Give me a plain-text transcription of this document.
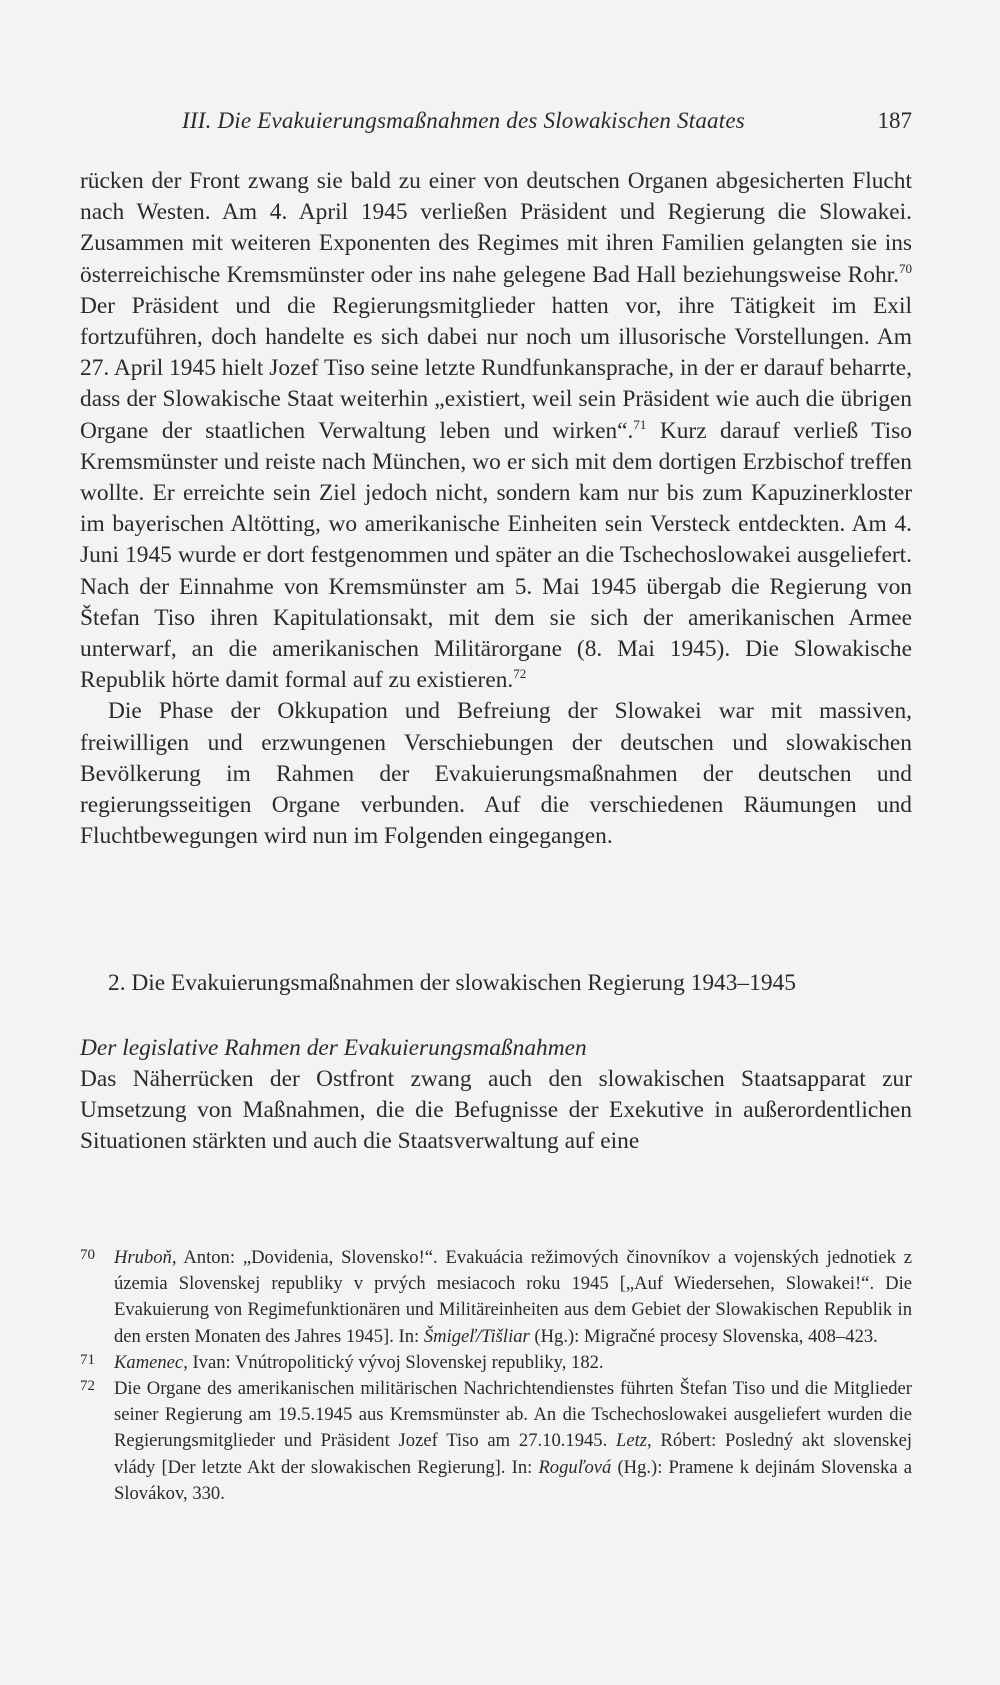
III. Die Evakuierungsmaßnahmen des Slowakischen Staates	187

rücken der Front zwang sie bald zu einer von deutschen Organen abgesicherten Flucht nach Westen. Am 4. April 1945 verließen Präsident und Regierung die Slowakei. Zusammen mit weiteren Exponenten des Regimes mit ihren Familien gelangten sie ins österreichische Kremsmünster oder ins nahe gelegene Bad Hall beziehungsweise Rohr.$^{70}$ Der Präsident und die Regierungsmitglieder hatten vor, ihre Tätigkeit im Exil fortzuführen, doch handelte es sich dabei nur noch um illusorische Vorstellungen. Am 27. April 1945 hielt Jozef Tiso seine letzte Rundfunkansprache, in der er darauf beharrte, dass der Slowakische Staat weiterhin „existiert, weil sein Präsident wie auch die übrigen Organe der staatlichen Verwaltung leben und wirken“.$^{71}$ Kurz darauf verließ Tiso Kremsmünster und reiste nach München, wo er sich mit dem dortigen Erzbischof treffen wollte. Er erreichte sein Ziel jedoch nicht, sondern kam nur bis zum Kapuzinerkloster im bayerischen Altötting, wo amerikanische Einheiten sein Versteck entdeckten. Am 4. Juni 1945 wurde er dort festgenommen und später an die Tschechoslowakei ausgeliefert. Nach der Einnahme von Kremsmünster am 5. Mai 1945 übergab die Regierung von Štefan Tiso ihren Kapitulationsakt, mit dem sie sich der amerikanischen Armee unterwarf, an die amerikanischen Militärorgane (8. Mai 1945). Die Slowakische Republik hörte damit formal auf zu existieren.$^{72}$

Die Phase der Okkupation und Befreiung der Slowakei war mit massiven, freiwilligen und erzwungenen Verschiebungen der deutschen und slowakischen Bevölkerung im Rahmen der Evakuierungsmaßnahmen der deutschen und regierungsseitigen Organe verbunden. Auf die verschiedenen Räumungen und Fluchtbewegungen wird nun im Folgenden eingegangen.

2. Die Evakuierungsmaßnahmen der slowakischen Regierung 1943–1945
Der legislative Rahmen der Evakuierungsmaßnahmen

Das Näherrücken der Ostfront zwang auch den slowakischen Staatsapparat zur Umsetzung von Maßnahmen, die die Befugnisse der Exekutive in außerordentlichen Situationen stärkten und auch die Staatsverwaltung auf eine

70 Hruboň, Anton: „Dovidenia, Slovensko!“. Evakuácia režimových činovníkov a vojenských jednotiek z územia Slovenskej republiky v prvých mesiacoch roku 1945 [„Auf Wiedersehen, Slowakei!“. Die Evakuierung von Regimefunktionären und Militäreinheiten aus dem Gebiet der Slowakischen Republik in den ersten Monaten des Jahres 1945]. In: Šmigeľ/Tišliar (Hg.): Migračné procesy Slovenska, 408–423.

71 Kamenec, Ivan: Vnútropolitický vývoj Slovenskej republiky, 182.

72 Die Organe des amerikanischen militärischen Nachrichtendienstes führten Štefan Tiso und die Mitglieder seiner Regierung am 19.5.1945 aus Kremsmünster ab. An die Tschechoslowakei ausgeliefert wurden die Regierungsmitglieder und Präsident Jozef Tiso am 27.10.1945. Letz, Róbert: Posledný akt slovenskej vlády [Der letzte Akt der slowakischen Regierung]. In: Roguľová (Hg.): Pramene k dejinám Slovenska a Slovákov, 330.
